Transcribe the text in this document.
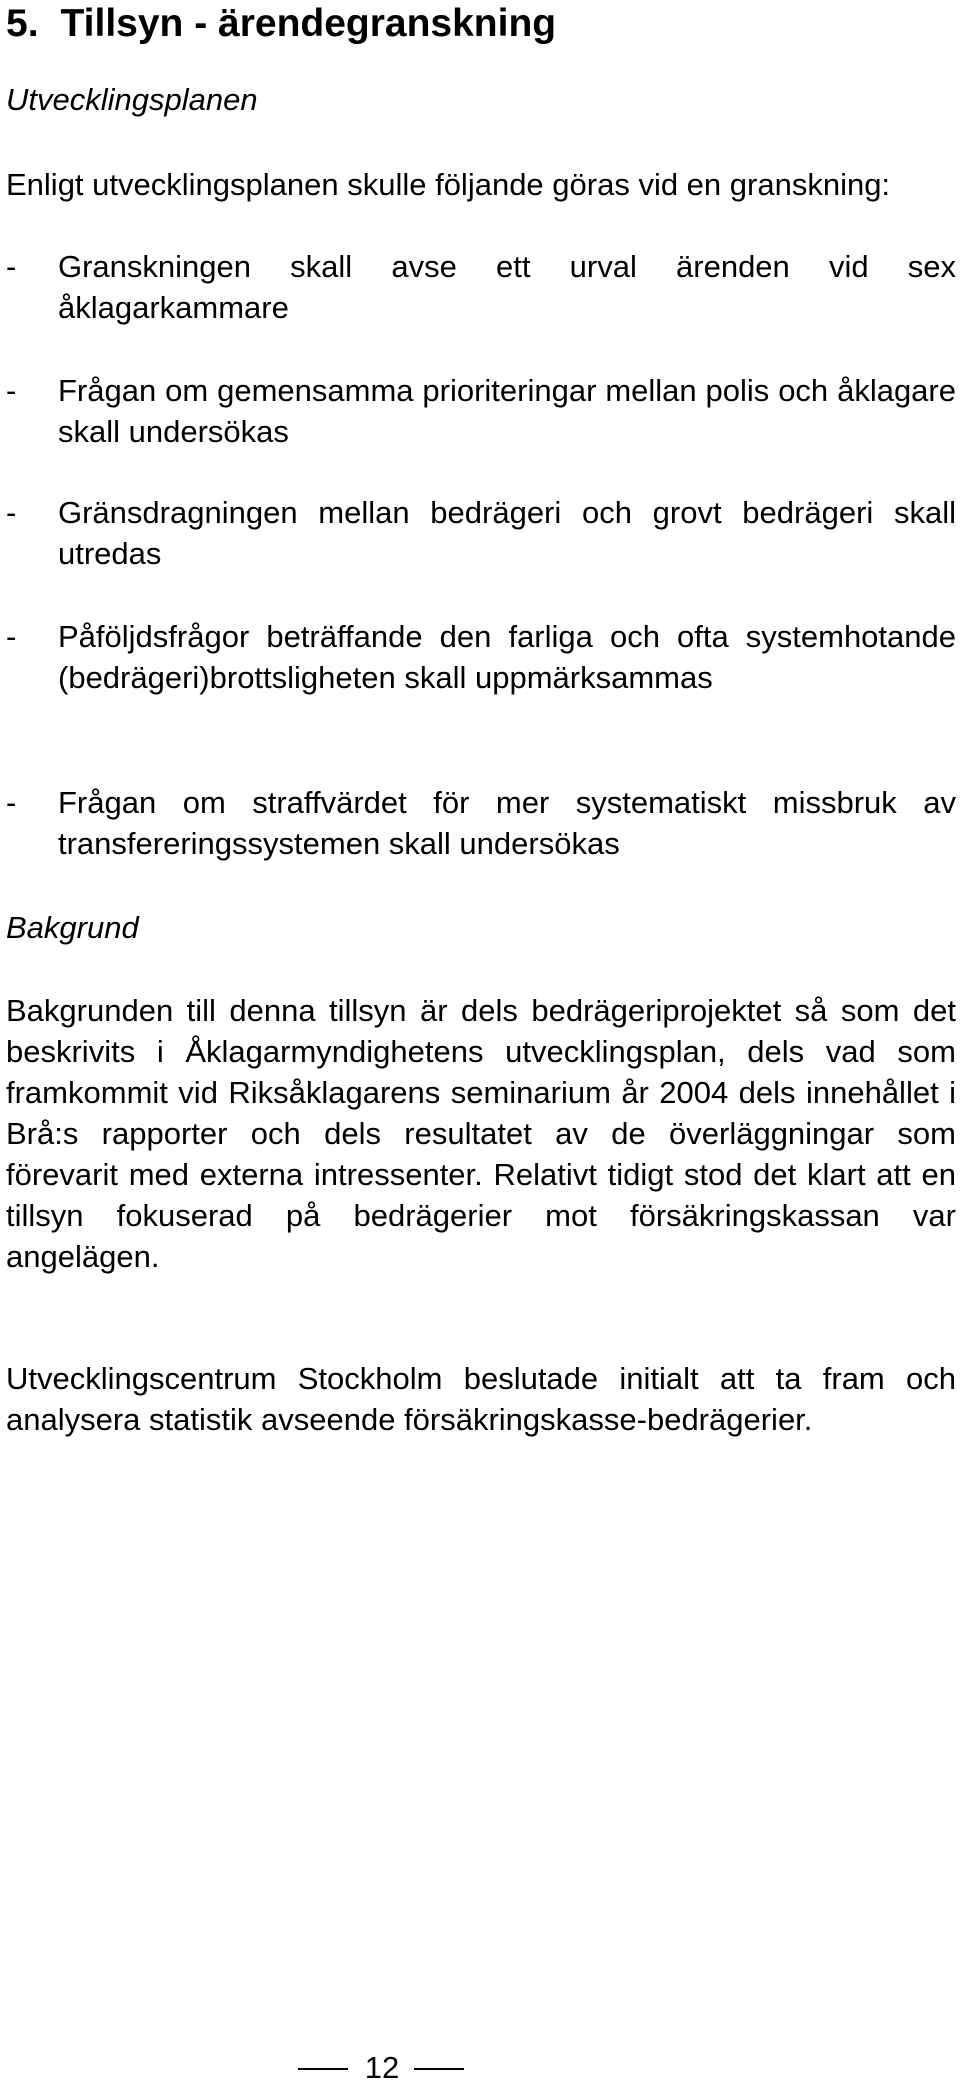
5. Tillsyn - ärendegranskning
Utvecklingsplanen
Enligt utvecklingsplanen skulle följande göras vid en granskning:
- Granskningen skall avse ett urval ärenden vid sex åklagarkammare
- Frågan om gemensamma prioriteringar mellan polis och åklagare skall undersökas
- Gränsdragningen mellan bedrägeri och grovt bedrägeri skall utredas
- Påföljdsfrågor beträffande den farliga och ofta systemhotande (bedrägeri)brottsligheten skall uppmärksammas
- Frågan om straffvärdet för mer systematiskt missbruk av transfereringssystemen skall undersökas
Bakgrund
Bakgrunden till denna tillsyn är dels bedrägeriprojektet så som det beskrivits i Åklagarmyndighetens utvecklingsplan, dels vad som framkommit vid Riksåklagarens seminarium år 2004 dels innehållet i Brå:s rapporter och dels resultatet av de överläggningar som förevarit med externa intressenter. Relativt tidigt stod det klart att en tillsyn fokuserad på bedrägerier mot försäkringskassan var angelägen.
Utvecklingscentrum Stockholm beslutade initialt att ta fram och analysera statistik avseende försäkringskasse-bedrägerier.
12
